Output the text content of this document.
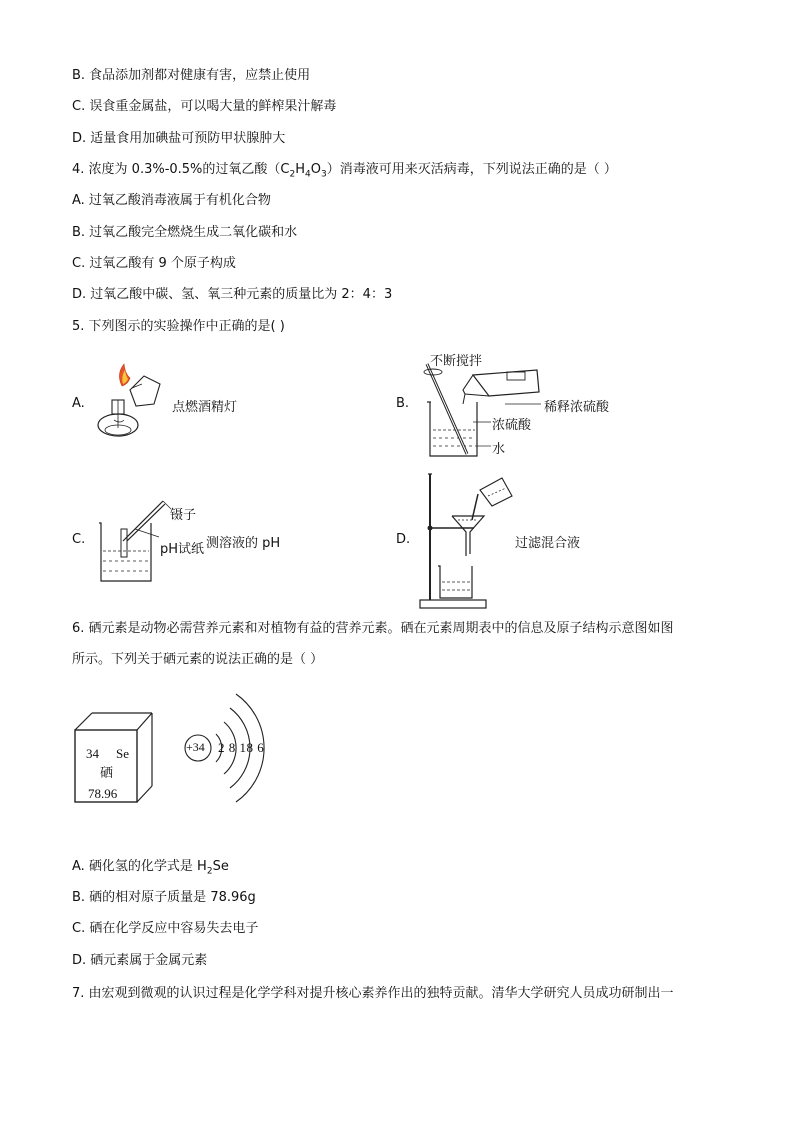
B. 食品添加剂都对健康有害，应禁止使用
C. 误食重金属盐，可以喝大量的鲜榨果汁解毒
D. 适量食用加碘盐可预防甲状腺肿大
4. 浓度为 0.3%-0.5%的过氧乙酸$(C_2H_4O_3)$消毒液可用来灭活病毒，下列说法正确的是（ ）
A. 过氧乙酸消毒液属于有机化合物
B. 过氧乙酸完全燃烧生成二氧化碳和水
C. 过氧乙酸有 9 个原子构成
D. 过氧乙酸中碳、氢、氧三种元素的质量比为 2：4：3
5. 下列图示的实验操作中正确的是( )
A.	点燃酒精灯	B.
不断搅拌
稀释浓硫酸
浓硫酸
水
C.
镊子
pH试纸 测溶液的 pH	D.	过滤混合液
6. 硒元素是动物必需营养元素和对植物有益的营养元素。硒在元素周期表中的信息及原子结构示意图如图
所示。下列关于硒元素的说法正确的是（ ）
34 Se
硒
78.96
+34 2 8 18 6
A. 硒化氢的化学式是 $H_2Se$
B. 硒的相对原子质量是 78.96g
C. 硒在化学反应中容易失去电子
D. 硒元素属于金属元素
7. 由宏观到微观的认识过程是化学学科对提升核心素养作出的独特贡献。清华大学研究人员成功研制出一
